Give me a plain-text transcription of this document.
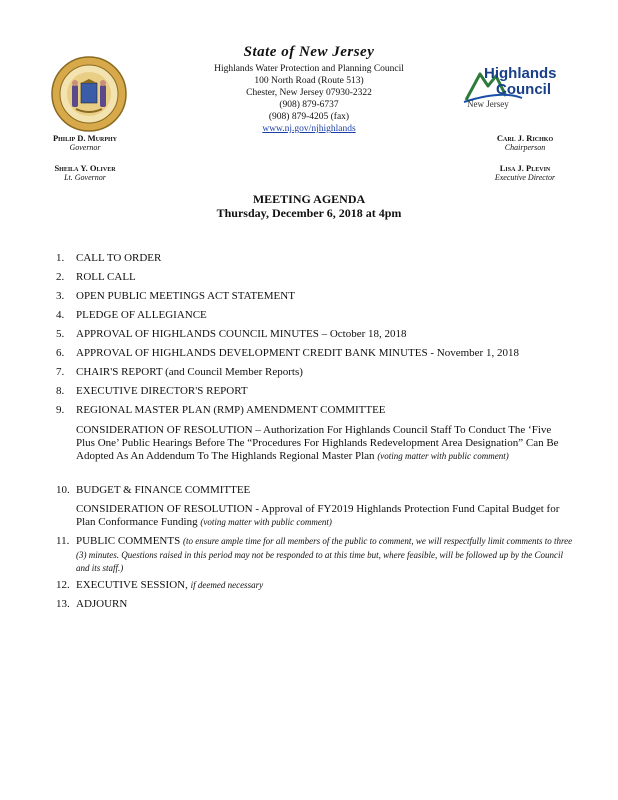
State of New Jersey
Highlands Water Protection and Planning Council
100 North Road (Route 513)
Chester, New Jersey 07930-2322
(908) 879-6737
(908) 879-4205 (fax)
www.nj.gov/njhighlands
Highlands
Council
New Jersey
Philip D. Murphy
Governor
Sheila Y. Oliver
Lt. Governor
Carl J. Richko
Chairperson
Lisa J. Plevin
Executive Director
MEETING AGENDA
Thursday, December 6, 2018 at 4pm
1.	CALL TO ORDER
2.	ROLL CALL
3.	OPEN PUBLIC MEETINGS ACT STATEMENT
4.	PLEDGE OF ALLEGIANCE
5.	APPROVAL OF HIGHLANDS COUNCIL MINUTES – October 18, 2018
6.	APPROVAL OF HIGHLANDS DEVELOPMENT CREDIT BANK MINUTES - November 1, 2018
7.	CHAIR'S REPORT (and Council Member Reports)
8.	EXECUTIVE DIRECTOR'S REPORT
9.	REGIONAL MASTER PLAN (RMP) AMENDMENT COMMITTEE
CONSIDERATION OF RESOLUTION – Authorization For Highlands Council Staff To Conduct The ‘Five Plus One’ Public Hearings Before The “Procedures For Highlands Redevelopment Area Designation” Can Be Adopted As An Addendum To The Highlands Regional Master Plan (voting matter with public comment)
10. BUDGET & FINANCE COMMITTEE
CONSIDERATION OF RESOLUTION - Approval of FY2019 Highlands Protection Fund Capital Budget for Plan Conformance Funding (voting matter with public comment)
11. PUBLIC COMMENTS (to ensure ample time for all members of the public to comment, we will respectfully limit comments to three (3) minutes. Questions raised in this period may not be responded to at this time but, where feasible, will be followed up by the Council and its staff.)
12. EXECUTIVE SESSION, if deemed necessary
13. ADJOURN
